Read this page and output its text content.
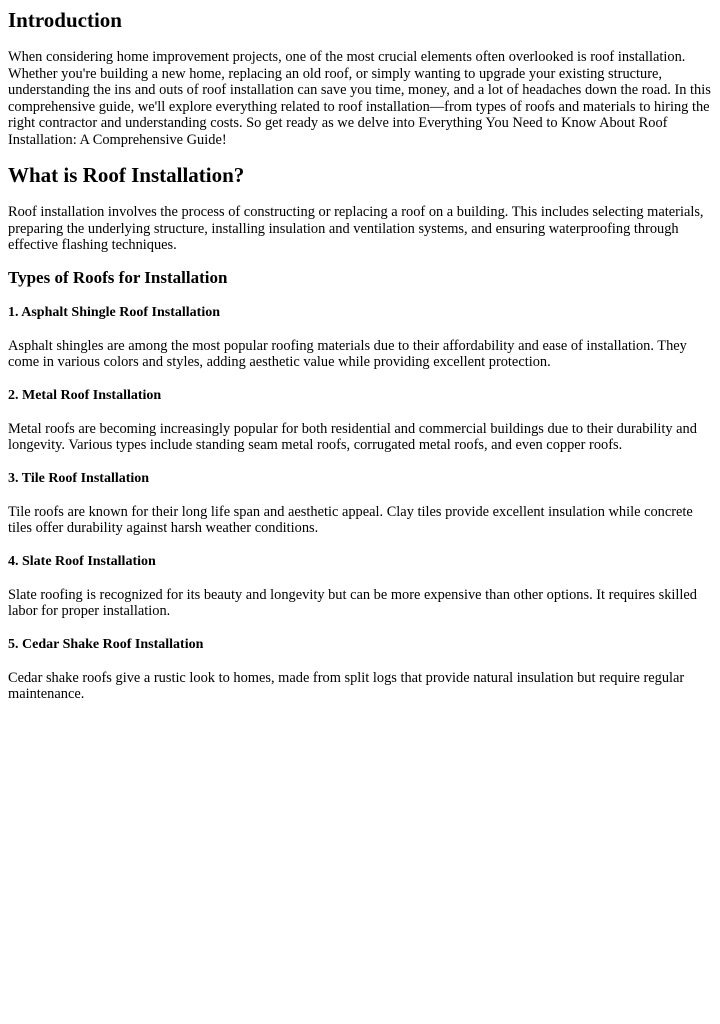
Introduction

When considering home improvement projects, one of the most crucial elements often overlooked is roof installation. Whether you're building a new home, replacing an old roof, or simply wanting to upgrade your existing structure, understanding the ins and outs of roof installation can save you time, money, and a lot of headaches down the road. In this comprehensive guide, we'll explore everything related to roof installation—from types of roofs and materials to hiring the right contractor and understanding costs. So get ready as we delve into Everything You Need to Know About Roof Installation: A Comprehensive Guide!

What is Roof Installation?

Roof installation involves the process of constructing or replacing a roof on a building. This includes selecting materials, preparing the underlying structure, installing insulation and ventilation systems, and ensuring waterproofing through effective flashing techniques.

Types of Roofs for Installation
1. Asphalt Shingle Roof Installation

Asphalt shingles are among the most popular roofing materials due to their affordability and ease of installation. They come in various colors and styles, adding aesthetic value while providing excellent protection.

2. Metal Roof Installation

Metal roofs are becoming increasingly popular for both residential and commercial buildings due to their durability and longevity. Various types include standing seam metal roofs, corrugated metal roofs, and even copper roofs.

3. Tile Roof Installation

Tile roofs are known for their long life span and aesthetic appeal. Clay tiles provide excellent insulation while concrete tiles offer durability against harsh weather conditions.

4. Slate Roof Installation

Slate roofing is recognized for its beauty and longevity but can be more expensive than other options. It requires skilled labor for proper installation.

5. Cedar Shake Roof Installation

Cedar shake roofs give a rustic look to homes, made from split logs that provide natural insulation but require regular maintenance.
